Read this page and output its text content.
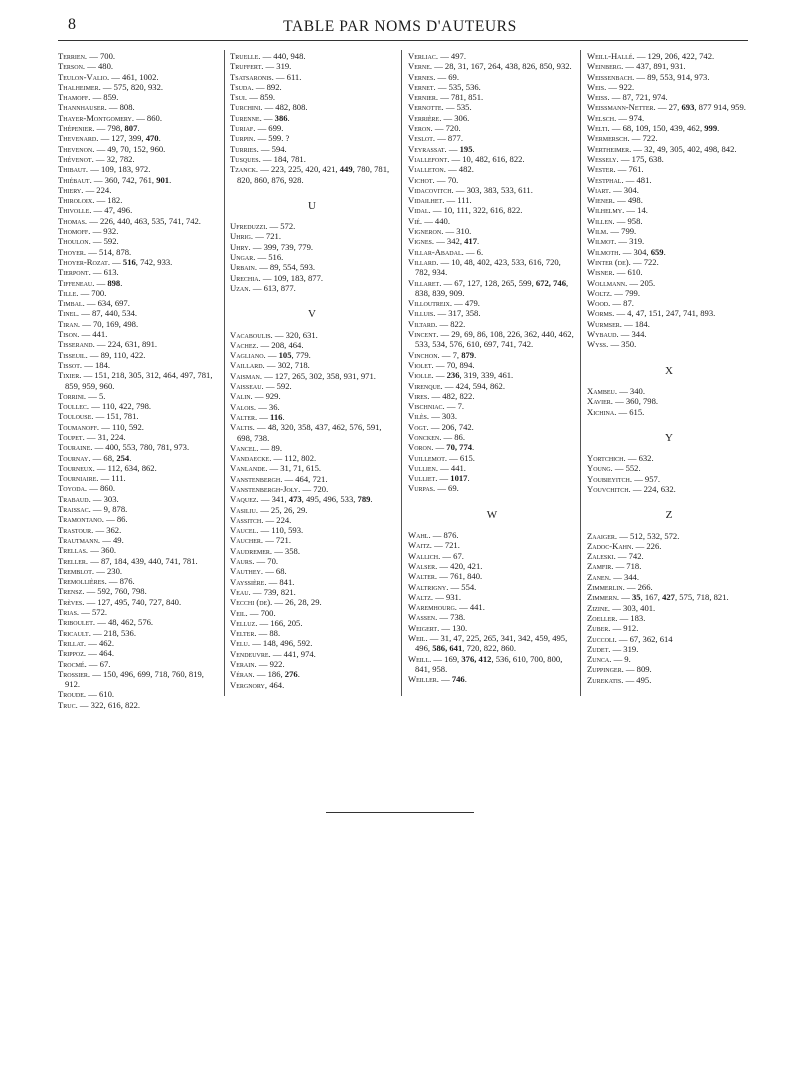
8	TABLE PAR NOMS D'AUTEURS
Terrien. — 700.
Terson. — 480.
Teulon-Valio. — 461, 1002.
Thalheimer. — 575, 820, 932.
Thamoff. — 859.
Thannhauser. — 808.
Thayer-Montgomery. — 860.
Thépenier. — 798, 807.
Thevenard. — 127, 399, 470.
Thevenon. — 49, 70, 152, 960.
Thévenot. — 32, 782.
Thibaut. — 109, 183, 972.
Thiébaut. — 360, 742, 761, 901.
Thiery. — 224.
Thiroloix. — 182.
Thivolle. — 47, 496.
Thomas. — 226, 440, 463, 535, 741, 742.
Thomoff. — 932.
Thoulon. — 592.
Thoyer. — 514, 878.
Thoyer-Rozat. — 516, 742, 933.
Tierpont. — 613.
Tiffeneau. — 898.
Tille. — 700.
Timbal. — 634, 697.
Tinel. — 87, 440, 534.
Tiran. — 70, 169, 498.
Tison. — 441.
Tisserand. — 224, 631, 891.
Tisseuil. — 89, 110, 422.
Tissot. — 184.
Tixier. — 151, 218, 305, 312, 464, 497, 781, 859, 959, 960.
Torrini. — 5.
Toullec. — 110, 422, 798.
Toulouse. — 151, 781.
Toumanoff. — 110, 592.
Toupet. — 31, 224.
Touraine. — 400, 553, 780, 781, 973.
Tournay. — 68, 254.
Tourneux. — 112, 634, 862.
Tourniaire. — 111.
Toyoda. — 860.
Trabaud. — 303.
Traissac. — 9, 878.
Tramontano. — 86.
Trastour. — 362.
Trautmann. — 49.
Trellas. — 360.
Treller. — 87, 184, 439, 440, 741, 781.
Tremblot. — 230.
Tremollières. — 876.
Trensz. — 592, 760, 798.
Trèves. — 127, 495, 740, 727, 840.
Trias. — 572.
Triboulet. — 48, 462, 576.
Tricault. — 218, 536.
Trillat. — 462.
Trippoz. — 464.
Trocmé. — 67.
Trossier. — 150, 496, 699, 718, 760, 819, 912.
Troude. — 610.
Truc. — 322, 616, 822.
Truelle. — 440, 948.
Truffert. — 319.
Tsatsaronis. — 611.
Tsuda. — 892.
Tsui. — 859.
Turchini. — 482, 808.
Turenne. — 386.
Turiaf. — 699.
Turpin. — 599. ?
Turries. — 594.
Tusques. — 184, 781.
Tzanck. — 223, 225, 420, 421, 449, 780, 781, 820, 860, 876, 928.
U
Ufreduzzi. — 572.
Uhrig. — 721.
Uhry. — 399, 739, 779.
Ungar. — 516.
Urbain. — 89, 554, 593.
Urechia. — 109, 183, 877.
Uzan. — 613, 877.
V
Vacaboulis. — 320, 631.
Vachez. — 208, 464.
Vagliano. — 105, 779.
Vaillard. — 302, 718.
Vaisman. — 127, 265, 302, 358, 931, 971.
Vaisseau. — 592.
Valin. — 929.
Valois. — 36.
Valter. — 116.
Valtis. — 48, 320, 358, 437, 462, 576, 591, 698, 738.
Vancel. — 89.
Vandaecke. — 112, 802.
Vanlande. — 31, 71, 615.
Vanstenbergh. — 464, 721.
Vanstenbergh-Joly. — 720.
Vaquez. — 341, 473, 495, 496, 533, 789.
Vasiliu. — 25, 26, 29.
Vassitch. — 224.
Vaucel. — 110, 593.
Vaucher. — 721.
Vaudremer. — 358.
Vaurs. — 70.
Vauthey. — 68.
Vayssière. — 841.
Veau. — 739, 821.
Vecchi (de). — 26, 28, 29.
Veil. — 700.
Velluz. — 166, 205.
Velter. — 88.
Velu. — 148, 496, 592.
Vendeuvre. — 441, 974.
Verain. — 922.
Véran. — 186, 276.
Vergnory, 464.
Verliac. — 497.
Verne. — 28, 31, 167, 264, 438, 826, 850, 932.
Vernes. — 69.
Vernet. — 535, 536.
Vernier. — 781, 851.
Vernotte. — 535.
Verrière. — 306.
Veron. — 720.
Veslot. — 877.
Veyrassat. — 195.
Viallefont. — 10, 482, 616, 822.
Vialleton. — 482.
Vichot. — 70.
Vidacovitch. — 303, 383, 533, 611.
Vidailhet. — 111.
Vidal. — 10, 111, 322, 616, 822.
Vié. — 440.
Vigneron. — 310.
Vignes. — 342, 417.
Villar-Abadal. — 6.
Villard. — 10, 48, 402, 423, 533, 616, 720, 782, 934.
Villaret. — 67, 127, 128, 265, 599, 672, 746, 838, 839, 909.
Villoutreix. — 479.
Villuis. — 317, 358.
Viltard. — 822.
Vincent. — 29, 69, 86, 108, 226, 362, 440, 462, 533, 534, 576, 610, 697, 741, 742.
Vinchon. — 7, 879.
Violet. — 70, 894.
Violle. — 236, 319, 339, 461.
Virenque. — 424, 594, 862.
Vires. — 482, 822.
Vischniac. — 7.
Vilès. — 303.
Vogt. — 206, 742.
Voncken. — 86.
Voron. — 70, 774.
Vuillemot. — 615.
Vullien. — 441.
Vulliet. — 1017.
Vurpas. — 69.
W
Wahl. — 876.
Waitz. — 721.
Wallich. — 67.
Walser. — 420, 421.
Walter. — 761, 840.
Waltrigny. — 554.
Waltz. — 931.
Waremhourg. — 441.
Wassen. — 738.
Weigert. — 130.
Weil. — 31, 47, 225, 265, 341, 342, 459, 495, 496, 586, 641, 720, 822, 860.
Weill. — 169, 376, 412, 536, 610, 700, 800, 841, 958.
Weiller. — 746.
Weill-Hallé. — 129, 206, 422, 742.
Weinberg. — 437, 891, 931.
Weissenbach. — 89, 553, 914, 973.
Weis. — 922.
Weiss. — 87, 721, 974.
Weissmann-Netter. — 27, 693, 877 914, 959.
Welsch. — 974.
Welti. — 68, 109, 150, 439, 462, 999.
Wermersch. — 722.
Wertheimer. — 32, 49, 305, 402, 498, 842.
Wessely. — 175, 638.
Wester. — 761.
Westphal. — 481.
Wiart. — 304.
Wiener. — 498.
Wilhelmy. — 14.
Willen. — 958.
Wilm. — 799.
Wilmot. — 319.
Wilmoth. — 304, 659.
Winter (de). — 722.
Wisner. — 610.
Wollmann. — 205.
Woltz. — 799.
Wood. — 87.
Worms. — 4, 47, 151, 247, 741, 893.
Wurmser. — 184.
Wybaud. — 344.
Wyss. — 350.
X
Xambeu. — 340.
Xavier. — 360, 798.
Xichina. — 615.
Y
Yortchich. — 632.
Young. — 552.
Youbieyitch. — 957.
Youvchitch. — 224, 632.
Z
Zaaiger. — 512, 532, 572.
Zadoc-Kahn. — 226.
Zaleski. — 742.
Zamfir. — 718.
Zanen. — 344.
Zimmerlin. — 266.
Zimmern. — 35, 167, 427, 575, 718, 821.
Zizine. — 303, 401.
Zoeller. — 183.
Zuber. — 912.
Zuccoli. — 67, 362, 614
Zudet. — 319.
Zunca. — 9.
Zuppinger. — 809.
Zurekatis. — 495.
